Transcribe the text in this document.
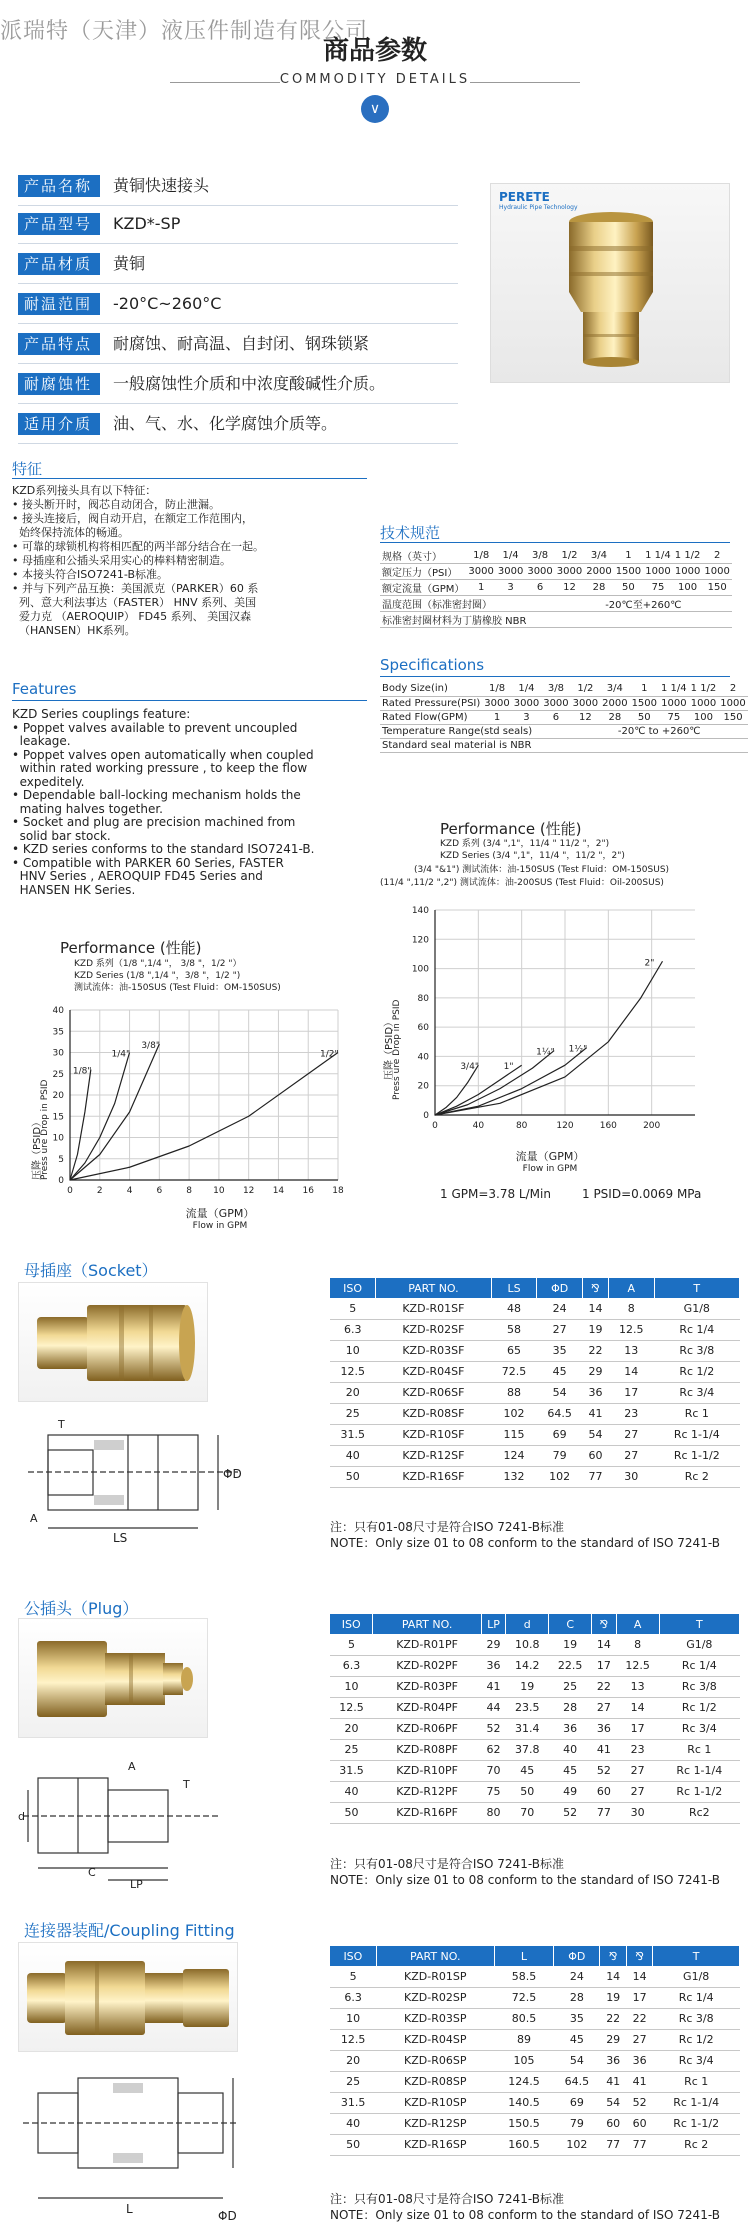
派瑞特（天津）液压件制造有限公司
商品参数
COMMODITY DETAILS
∨
产品名称	黄铜快速接头
产品型号	KZD*-SP
产品材质	黄铜
耐温范围	-20°C~260°C
产品特点	耐腐蚀、耐高温、自封闭、钢珠锁紧
耐腐蚀性	一般腐蚀性介质和中浓度酸碱性介质。
适用介质	油、气、水、化学腐蚀介质等。
PERETE
Hydraulic Pipe Technology
特征
KZD系列接头具有以下特征：
• 接头断开时，阀芯自动闭合，防止泄漏。
• 接头连接后，阀自动开启，在额定工作范围内，
始终保持流体的畅通。
• 可靠的球锁机构将相匹配的两半部分结合在一起。
• 母插座和公插头采用实心的棒料精密制造。
• 本接头符合ISO7241-B标准。
• 并与下列产品互换：美国派克（PARKER）60 系
列、意大利法事达（FASTER） HNV 系列、美国
爱力克 （AEROQUIP） FD45 系列、 美国汉森
（HANSEN）HK系列。
Features
KZD Series couplings feature:
• Poppet valves available to prevent uncoupled
leakage.
• Poppet valves open automatically when coupled
within rated working pressure , to keep the flow
expeditely.
• Dependable ball-locking mechanism holds the
mating halves together.
• Socket and plug are precision machined from
solid bar stock.
• KZD series conforms to the standard ISO7241-B.
• Compatible with PARKER 60 Series, FASTER
HNV Series , AEROQUIP FD45 Series and
HANSEN HK Series.
技术规范
规格（英寸）	1/8	1/4	3/8	1/2	3/4	1	1 1/4	1 1/2	2
额定压力（PSI）	3000	3000	3000	3000	2000	1500	1000	1000	1000
额定流量（GPM）	1	3	6	12	28	50	75	100	150
温度范围（标准密封圈）				-20℃至+260℃					
标准密封圈材料为丁腈橡胶 NBR									
Specifications
Body Size(in)	1/8	1/4	3/8	1/2	3/4	1	1 1/4	1 1/2	2
Rated Pressure(PSI)	3000	3000	3000	3000	2000	1500	1000	1000	1000
Rated Flow(GPM)	1	3	6	12	28	50	75	100	150
Temperature Range(std seals)				-20℃ to +260℃					
Standard seal material is NBR									
Performance (性能)
KZD 系列 (3/4 ",1"，11/4 " 11/2 "，2")
KZD Series (3/4 ",1"，11/4 "，11/2 "，2")
(3/4 "&1") 测试流体：油-150SUS (Test Fluid：OM-150SUS)
(11/4 ",11/2 ",2") 测试流体：油-200SUS (Test Fluid：Oil-200SUS)
0
20
40
60
80
100
120
140
0	40	80	120	160	200
3/4"	1"
1¼" 1½"
2"
流量（GPM）
Flow in GPM
压降（PSID）
Press ure Drop in PSID
1 GPM=3.78 L/Min	1 PSID=0.0069 MPa
Performance (性能)
KZD 系列（1/8 ",1/4 "， 3/8 "，1/2 "）
KZD Series (1/8 ",1/4 "，3/8 "，1/2 ")
测试流体：油-150SUS (Test Fluid：OM-150SUS)
0
5
10
15
20
25
30
35
40
0	2	4	6	8 10 12 14 16 18
1/8"
1/4"
3/8"
1/2"
流量（GPM）
Flow in GPM
压降（PSID）
Press ure Drop in PSID
母插座（Socket）
LS
ΦD
T
A
ISO	PART NO.	LS	ΦD	⅋	A	T
5	KZD-R01SF	48	24	14	8	G1/8
6.3	KZD-R02SF	58	27	19	12.5	Rc 1/4
10	KZD-R03SF	65	35	22	13	Rc 3/8
12.5	KZD-R04SF	72.5	45	29	14	Rc 1/2
20	KZD-R06SF	88	54	36	17	Rc 3/4
25	KZD-R08SF	102	64.5	41	23	Rc 1
31.5	KZD-R10SF	115	69	54	27	Rc 1-1/4
40	KZD-R12SF	124	79	60	27	Rc 1-1/2
50	KZD-R16SF	132	102	77	30	Rc 2
注：只有01-08尺寸是符合ISO 7241-B标准
NOTE：Only size 01 to 08 conform to the standard of ISO 7241-B
公插头（Plug）
C
LP
d
A
T
ISO	PART NO.	LP	d	C	⅋	A	T
5	KZD-R01PF	29	10.8	19	14	8	G1/8
6.3	KZD-R02PF	36	14.2	22.5	17	12.5	Rc 1/4
10	KZD-R03PF	41	19	25	22	13	Rc 3/8
12.5	KZD-R04PF	44	23.5	28	27	14	Rc 1/2
20	KZD-R06PF	52	31.4	36	36	17	Rc 3/4
25	KZD-R08PF	62	37.8	40	41	23	Rc 1
31.5	KZD-R10PF	70	45	45	52	27	Rc 1-1/4
40	KZD-R12PF	75	50	49	60	27	Rc 1-1/2
50	KZD-R16PF	80	70	52	77	30	Rc2
注：只有01-08尺寸是符合ISO 7241-B标准
NOTE：Only size 01 to 08 conform to the standard of ISO 7241-B
连接器装配/Coupling Fitting
L	ΦD
ISO	PART NO.	L	ΦD	⅋	⅋	T
5	KZD-R01SP	58.5	24	14	14	G1/8
6.3	KZD-R02SP	72.5	28	19	17	Rc 1/4
10	KZD-R03SP	80.5	35	22	22	Rc 3/8
12.5	KZD-R04SP	89	45	29	27	Rc 1/2
20	KZD-R06SP	105	54	36	36	Rc 3/4
25	KZD-R08SP	124.5	64.5	41	41	Rc 1
31.5	KZD-R10SP	140.5	69	54	52	Rc 1-1/4
40	KZD-R12SP	150.5	79	60	60	Rc 1-1/2
50	KZD-R16SP	160.5	102	77	77	Rc 2
注：只有01-08尺寸是符合ISO 7241-B标准
NOTE：Only size 01 to 08 conform to the standard of ISO 7241-B
